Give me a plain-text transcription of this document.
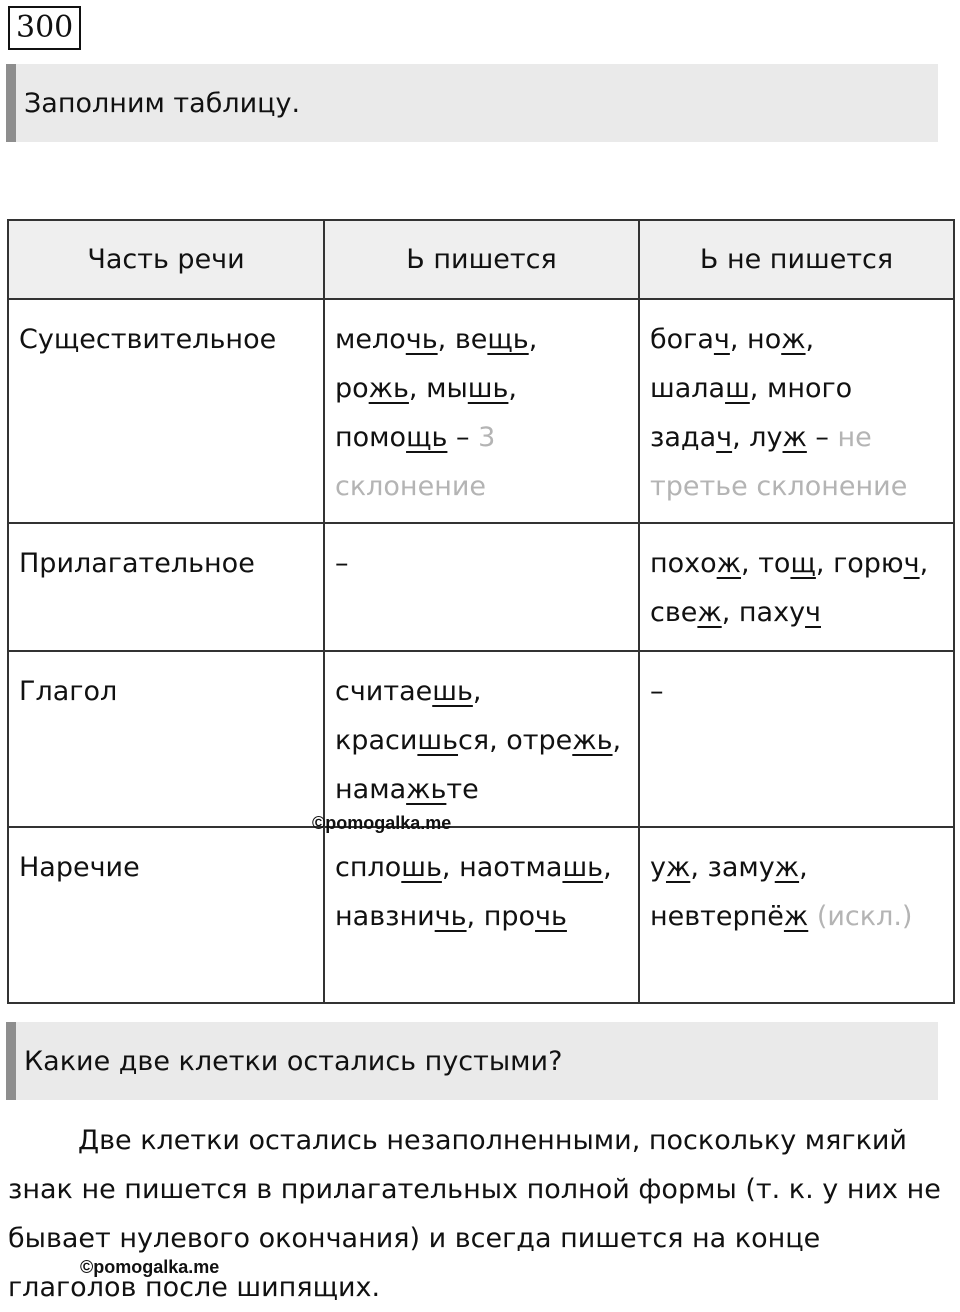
300
Заполним таблицу.
Часть речи	Ь пишется	Ь не пишется
Существительное	мелочь, вещь, рожь, мышь, помощь – 3 склонение	богач, нож, шалаш, много задач, луж – не третье склонение
Прилагательное	–	похож, тощ, горюч, свеж, пахуч
Глагол	считаешь, красишься, отрежь, намажьте	–
Наречие	сплошь, наотмашь, навзничь, прочь	уж, замуж, невтерпёж (искл.)
©pomogalka.me
Какие две клетки остались пустыми?

Две клетки остались незаполненными, поскольку мягкий знак не пишется в прилагательных полной формы (т. к. у них не бывает нулевого окончания) и всегда пишется на конце глаголов после шипящих.

©pomogalka.me
